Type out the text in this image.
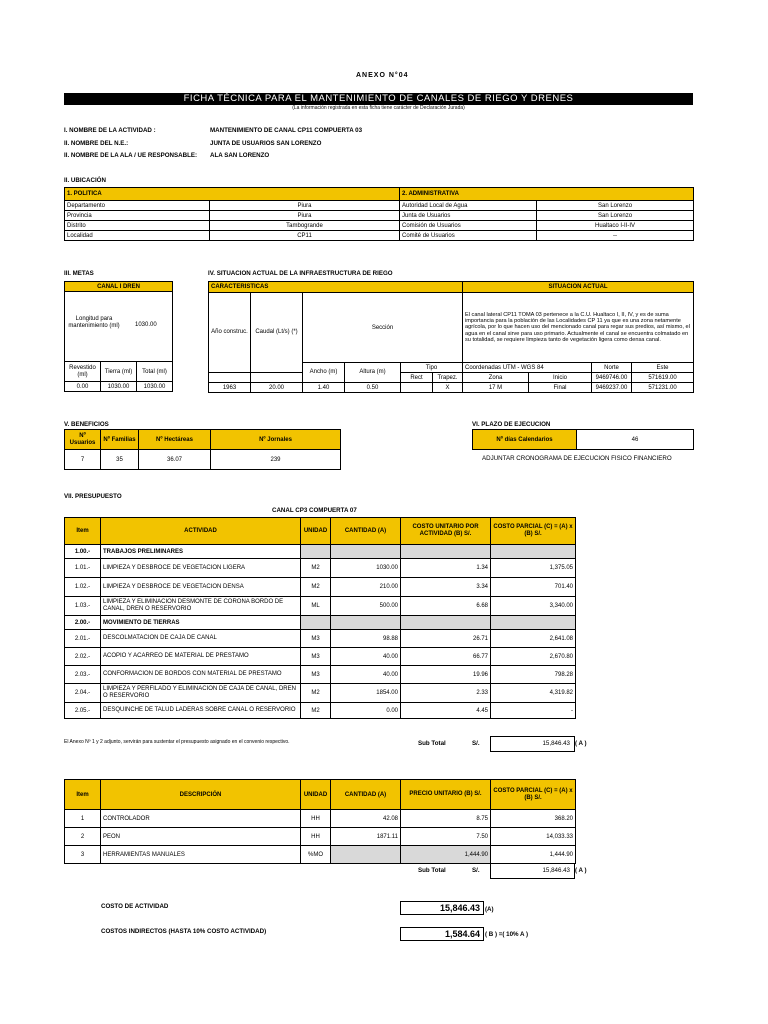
ANEXO N°04
FICHA TÉCNICA PARA EL MANTENIMIENTO DE CANALES DE RIEGO Y DRENES
(La información registrada en esta ficha tiene carácter de Declaración Jurada)
I. NOMBRE DE LA ACTIVIDAD :	MANTENIMIENTO DE CANAL CP11 COMPUERTA 03
II. NOMBRE DEL N.E.:	JUNTA DE USUARIOS SAN LORENZO
II. NOMBRE DE LA ALA / UE RESPONSABLE: ALA SAN LORENZO
II. UBICACIÓN
1. POLITICA		2. ADMINISTRATIVA	
Departamento	Piura	Autoridad Local de Agua	San Lorenzo
Provincia	Piura	Junta de Usuarios	San Lorenzo
Distrito	Tambogrande	Comisión de Usuarios	Hualtaco I-II-IV
Localidad	CP11	Comité de Usuarios	--
III. METAS
CANAL I DREN		

Longitud para mantenimiento (ml) 1030.00		

Revestido (ml)	Tierra (ml)	Total (ml)
0.00	1030.00	1030.00
IV. SITUACION ACTUAL DE LA INFRAESTRUCTURA DE RIEGO
CARACTERISTICAS						SITUACION ACTUAL			
Año construc.	Caudal (Lt/s) (*)	Sección				El canal lateral CP11 TOMA 03 pertenece a la C.U. Hualtaco I, II, IV, y es de suma importancia para la población de las Localidades CP 11 ya que es una zona netamente agrícola, por lo que hacen uso del mencionado canal para regar sus predios, así mismo, el agua en el canal sirve para uso primario. Actualmente el canal se encuentra colmatado en su totalidad, se requiere limpieza tanto de vegetación ligera como densa canal.			
		Ancho (m)	Altura (m)	Tipo		Coordenadas UTM - WGS 84		Norte	Este
				Rect	Trapez.	Zona	Inicio	9469746.00	571619.00
1963	20.00	1.40	0.50		X	17 M	Final	9469237.00	571231.00
V. BENEFICIOS
Nº Usuarios	Nº Familias	Nº Hectáreas	Nº Jornales
7	35	36.07	239
VI. PLAZO DE EJECUCION
Nº días Calendarios	46
ADJUNTAR CRONOGRAMA DE EJECUCION FISICO FINANCIERO
VII. PRESUPUESTO
CANAL CP3 COMPUERTA 07
Item	ACTIVIDAD	UNIDAD	CANTIDAD (A)	COSTO UNITARIO POR ACTIVIDAD (B) S/.	COSTO PARCIAL (C) = (A) x (B) S/.
1.00.-	TRABAJOS PRELIMINARES				
1.01.-	LIMPIEZA Y DESBROCE DE VEGETACION LIGERA	M2	1030.00	1.34	1,375.05
1.02.-	LIMPIEZA Y DESBROCE DE VEGETACION DENSA	M2	210.00	3.34	701.40
1.03.-	LIMPIEZA Y ELIMINACION DESMONTE DE CORONA BORDO DE CANAL, DREN O RESERVORIO	ML	500.00	6.68	3,340.00
2.00.-	MOVIMIENTO DE TIERRAS				
2.01.-	DESCOLMATACION DE CAJA DE CANAL	M3	98.88	26.71	2,641.08
2.02.-	ACOPIO Y ACARREO DE MATERIAL DE PRESTAMO	M3	40.00	66.77	2,670.80
2.03.-	CONFORMACION DE BORDOS CON MATERIAL DE PRESTAMO	M3	40.00	19.96	798.28
2.04.-	LIMPIEZA Y PERFILADO Y ELIMINACION DE CAJA DE CANAL, DREN O RESERVORIO	M2	1854.00	2.33	4,319.82
2.05.-	DESQUINCHE DE TALUD LADERAS SOBRE CANAL O RESERVORIO	M2	0.00	4.45	-
El Anexo Nº 1 y 2 adjunto, servirán para sustentar el presupuesto asignado en el convenio respectivo.	Sub Total	S/.	15,846.43 ( A )
Item	DESCRIPCIÓN	UNIDAD	CANTIDAD (A)	PRECIO UNITARIO (B) S/.	COSTO PARCIAL (C) = (A) x (B) S/.
1	CONTROLADOR	HH	42.08	8.75	368.20
2	PEON	HH	1871.11	7.50	14,033.33
3	HERRAMIENTAS MANUALES	%MO		1,444.90	1,444.90
Sub Total	S/.	15,846.43 ( A )
COSTO DE ACTIVIDAD	15,846.43 (A)
COSTOS INDIRECTOS (HASTA 10% COSTO ACTIVIDAD)	1,584.64 ( B ) =( 10% A )
